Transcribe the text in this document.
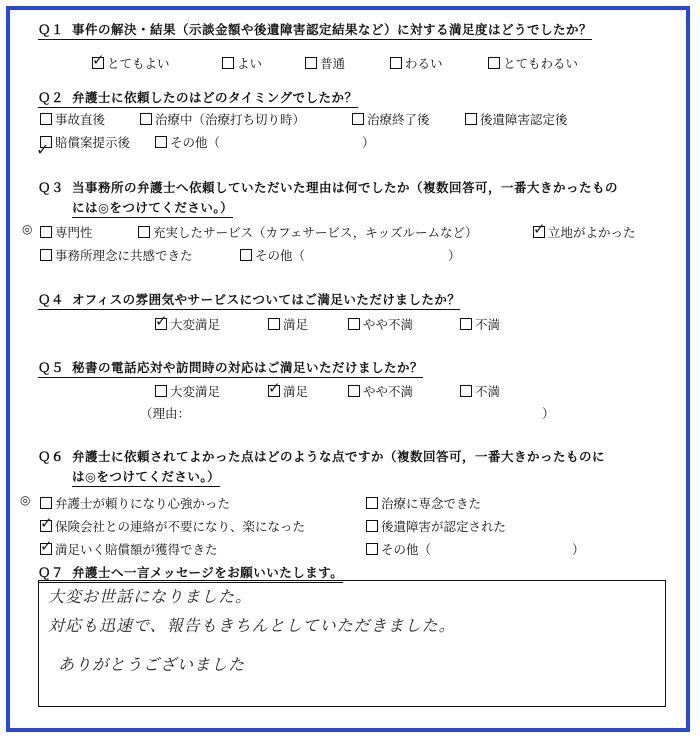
Ｑ１ 事件の解決・結果（示談金額や後遺障害認定結果など）に対する満足度はどうでしたか？
✓ とてもよい	よい	普通	わるい	とてもわるい
Ｑ２ 弁護士に依頼したのはどのタイミングでしたか？
事故直後	治療中（治療打ち切り時）	治療終了後	後遺障害認定後
賠償案提示後	その他（	）
✓
Ｑ３ 当事務所の弁護士へ依頼していただいた理由は何でしたか（複数回答可，一番大きかったもの
には◎をつけてください。）
◎	専門性	充実したサービス（カフェサービス，キッズルームなど）	✓ 立地がよかった
事務所理念に共感できた	その他（	）
Ｑ４ オフィスの雰囲気やサービスについてはご満足いただけましたか？
✓ 大変満足	満足	やや不満	不満
Ｑ５ 秘書の電話応対や訪問時の対応はご満足いただけましたか？
大変満足	✓ 満足	やや不満	不満
（理由：	）
Ｑ６ 弁護士に依頼されてよかった点はどのような点ですか（複数回答可，一番大きかったものに
は◎をつけてください。）
◎	弁護士が頼りになり心強かった	治療に専念できた
✓ 保険会社との連絡が不要になり、楽になった	後遺障害が認定された
✓ 満足いく賠償額が獲得できた	その他（	）
Ｑ７ 弁護士へ一言メッセージをお願いいたします。
大変お世話になりました。
対応も迅速で、報告もきちんとしていただきました。
ありがとうございました
